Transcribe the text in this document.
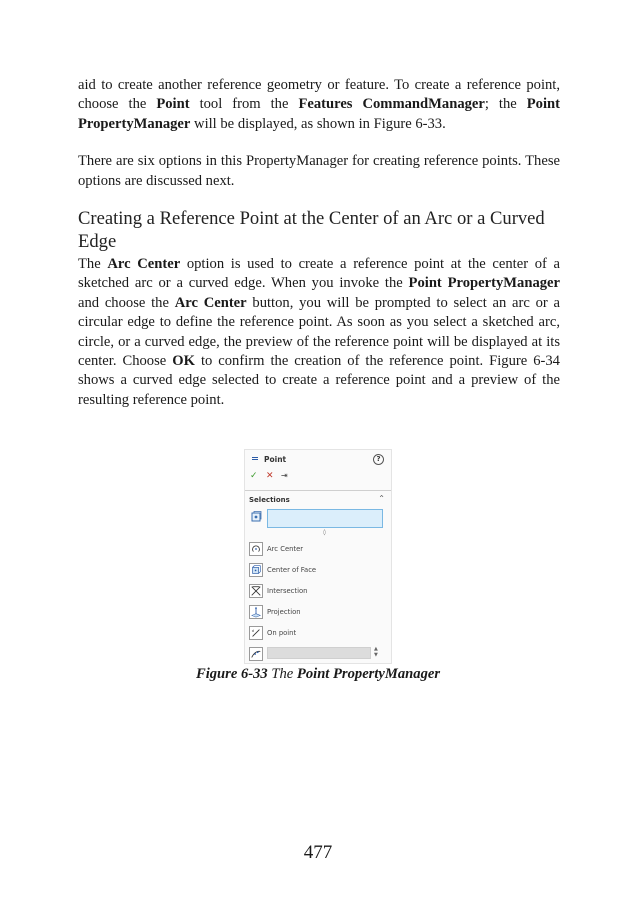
aid to create another reference geometry or feature. To create a reference point, choose the Point tool from the Features CommandManager; the Point PropertyManager will be displayed, as shown in Figure 6-33.

There are six options in this PropertyManager for creating reference points. These options are discussed next.

Creating a Reference Point at the Center of an Arc or a Curved Edge

The Arc Center option is used to create a reference point at the center of a sketched arc or a curved edge. When you invoke the Point PropertyManager and choose the Arc Center button, you will be prompted to select an arc or a circular edge to define the reference point. As soon as you select a sketched arc, circle, or a curved edge, the preview of the reference point will be displayed at its center. Choose OK to confirm the creation of the reference point. Figure 6-34 shows a curved edge selected to create a reference point and a preview of the resulting reference point.

Point	?
✓ ✕ ⇥
Selections	⌃
◊
Arc Center
Center of Face
Intersection
Projection
d On point
▲
▼
Figure 6-33 The Point PropertyManager
477
